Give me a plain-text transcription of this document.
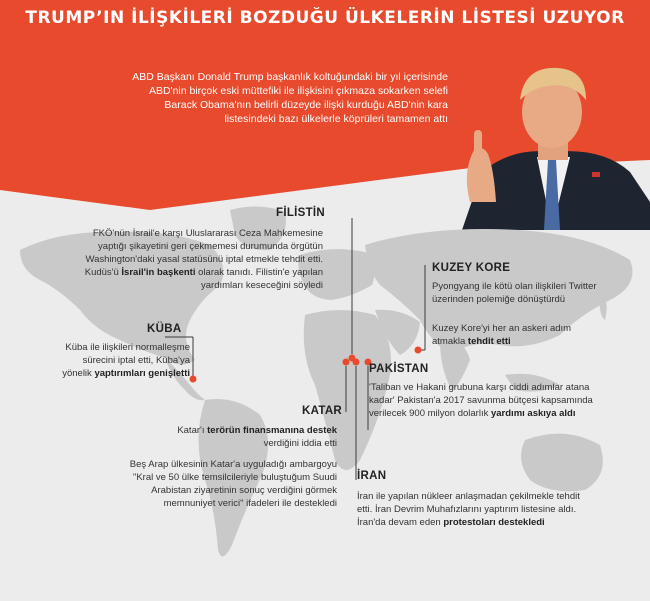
TRUMP’IN İLİŞKİLERİ BOZDUĞU ÜLKELERİN LİSTESİ UZUYOR
ABD Başkanı Donald Trump başkanlık koltuğundaki bir yıl içerisinde ABD'nin birçok eski müttefiki ile ilişkisini çıkmaza sokarken selefi Barack Obama'nın belirli düzeyde ilişki kurduğu ABD'nin kara listesindeki bazı ülkelerle köprüleri tamamen attı
FİLİSTİN
FKÖ'nün İsrail'e karşı Uluslararası Ceza Mahkemesine yaptığı şikayetini geri çekmemesi durumunda örgütün Washington'daki yasal statüsünü iptal etmekle tehdit etti. Kudüs'ü İsrail'in başkenti olarak tanıdı. Filistin'e yapılan yardımları keseceğini söyledi
KUZEY KORE
Pyongyang ile kötü olan ilişkileri Twitter üzerinden polemiğe dönüştürdü
Kuzey Kore'yi her an askeri adım atmakla tehdit etti
KÜBA
Küba ile ilişkileri normalleşme sürecini iptal etti, Küba'ya yönelik yaptırımları genişletti	PAKİSTAN
'Taliban ve Hakani grubuna karşı ciddi adımlar atana kadar' Pakistan'a 2017 savunma bütçesi kapsamında verilecek 900 milyon dolarlık yardımı askıya aldı
KATAR
Katar'ı terörün finansmanına destek verdiğini iddia etti
Beş Arap ülkesinin Katar'a uyguladığı ambargoyu "Kral ve 50 ülke temsilcileriyle buluştuğum Suudi Arabistan ziyaretinin sonuç verdiğini görmek memnuniyet verici" ifadeleri ile destekledi
İRAN
İran ile yapılan nükleer anlaşmadan çekilmekle tehdit etti. İran Devrim Muhafızlarını yaptırım listesine aldı. İran'da devam eden protestoları destekledi
